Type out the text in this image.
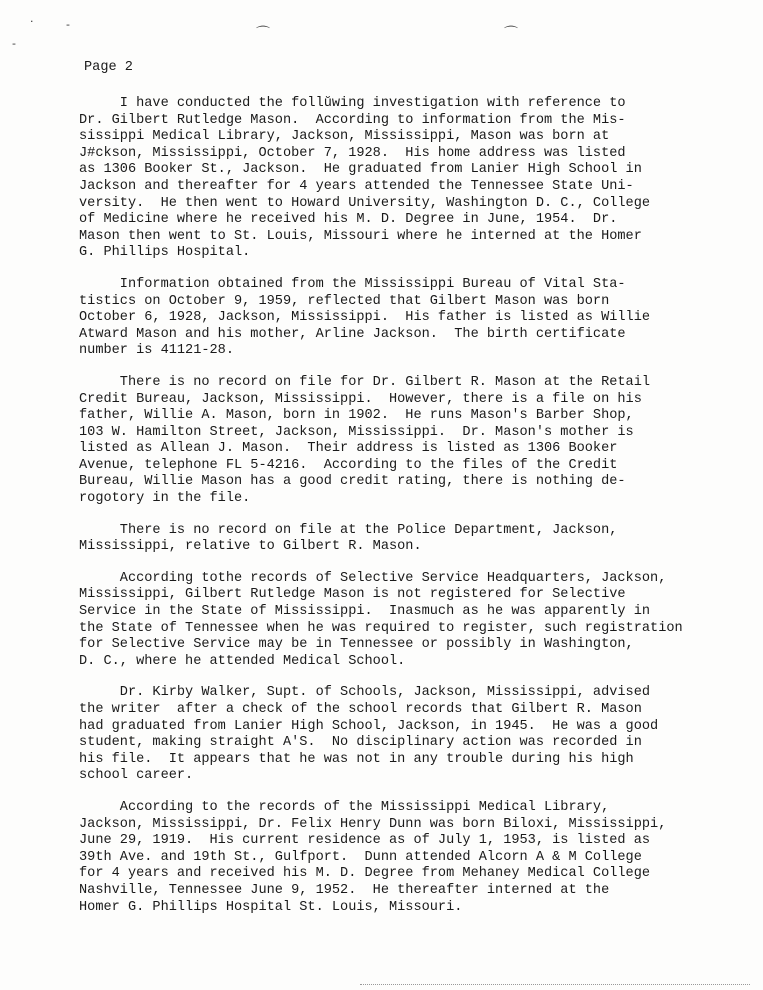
·	-
-
⌒	⌒
Page 2
I have conducted the follŭwing investigation with reference to
Dr. Gilbert Rutledge Mason.  According to information from the Mis-
sissippi Medical Library, Jackson, Mississippi, Mason was born at
J#ckson, Mississippi, October 7, 1928.  His home address was listed
as 1306 Booker St., Jackson.  He graduated from Lanier High School in
Jackson and thereafter for 4 years attended the Tennessee State Uni-
versity.  He then went to Howard University, Washington D. C., College
of Medicine where he received his M. D. Degree in June, 1954.  Dr.
Mason then went to St. Louis, Missouri where he interned at the Homer
G. Phillips Hospital.
Information obtained from the Mississippi Bureau of Vital Sta-
tistics on October 9, 1959, reflected that Gilbert Mason was born
October 6, 1928, Jackson, Mississippi.  His father is listed as Willie
Atward Mason and his mother, Arline Jackson.  The birth certificate
number is 41121-28.
There is no record on file for Dr. Gilbert R. Mason at the Retail
Credit Bureau, Jackson, Mississippi.  However, there is a file on his
father, Willie A. Mason, born in 1902.  He runs Mason's Barber Shop,
103 W. Hamilton Street, Jackson, Mississippi.  Dr. Mason's mother is
listed as Allean J. Mason.  Their address is listed as 1306 Booker
Avenue, telephone FL 5-4216.  According to the files of the Credit
Bureau, Willie Mason has a good credit rating, there is nothing de-
rogotory in the file.
There is no record on file at the Police Department, Jackson,
Mississippi, relative to Gilbert R. Mason.
According tothe records of Selective Service Headquarters, Jackson,
Mississippi, Gilbert Rutledge Mason is not registered for Selective
Service in the State of Mississippi.  Inasmuch as he was apparently in
the State of Tennessee when he was required to register, such registration
for Selective Service may be in Tennessee or possibly in Washington,
D. C., where he attended Medical School.
Dr. Kirby Walker, Supt. of Schools, Jackson, Mississippi, advised
the writer  after a check of the school records that Gilbert R. Mason
had graduated from Lanier High School, Jackson, in 1945.  He was a good
student, making straight A'S.  No disciplinary action was recorded in
his file.  It appears that he was not in any trouble during his high
school career.
According to the records of the Mississippi Medical Library,
Jackson, Mississippi, Dr. Felix Henry Dunn was born Biloxi, Mississippi,
June 29, 1919.  His current residence as of July 1, 1953, is listed as
39th Ave. and 19th St., Gulfport.  Dunn attended Alcorn A & M College
for 4 years and received his M. D. Degree from Mehaney Medical College
Nashville, Tennessee June 9, 1952.  He thereafter interned at the
Homer G. Phillips Hospital St. Louis, Missouri.
